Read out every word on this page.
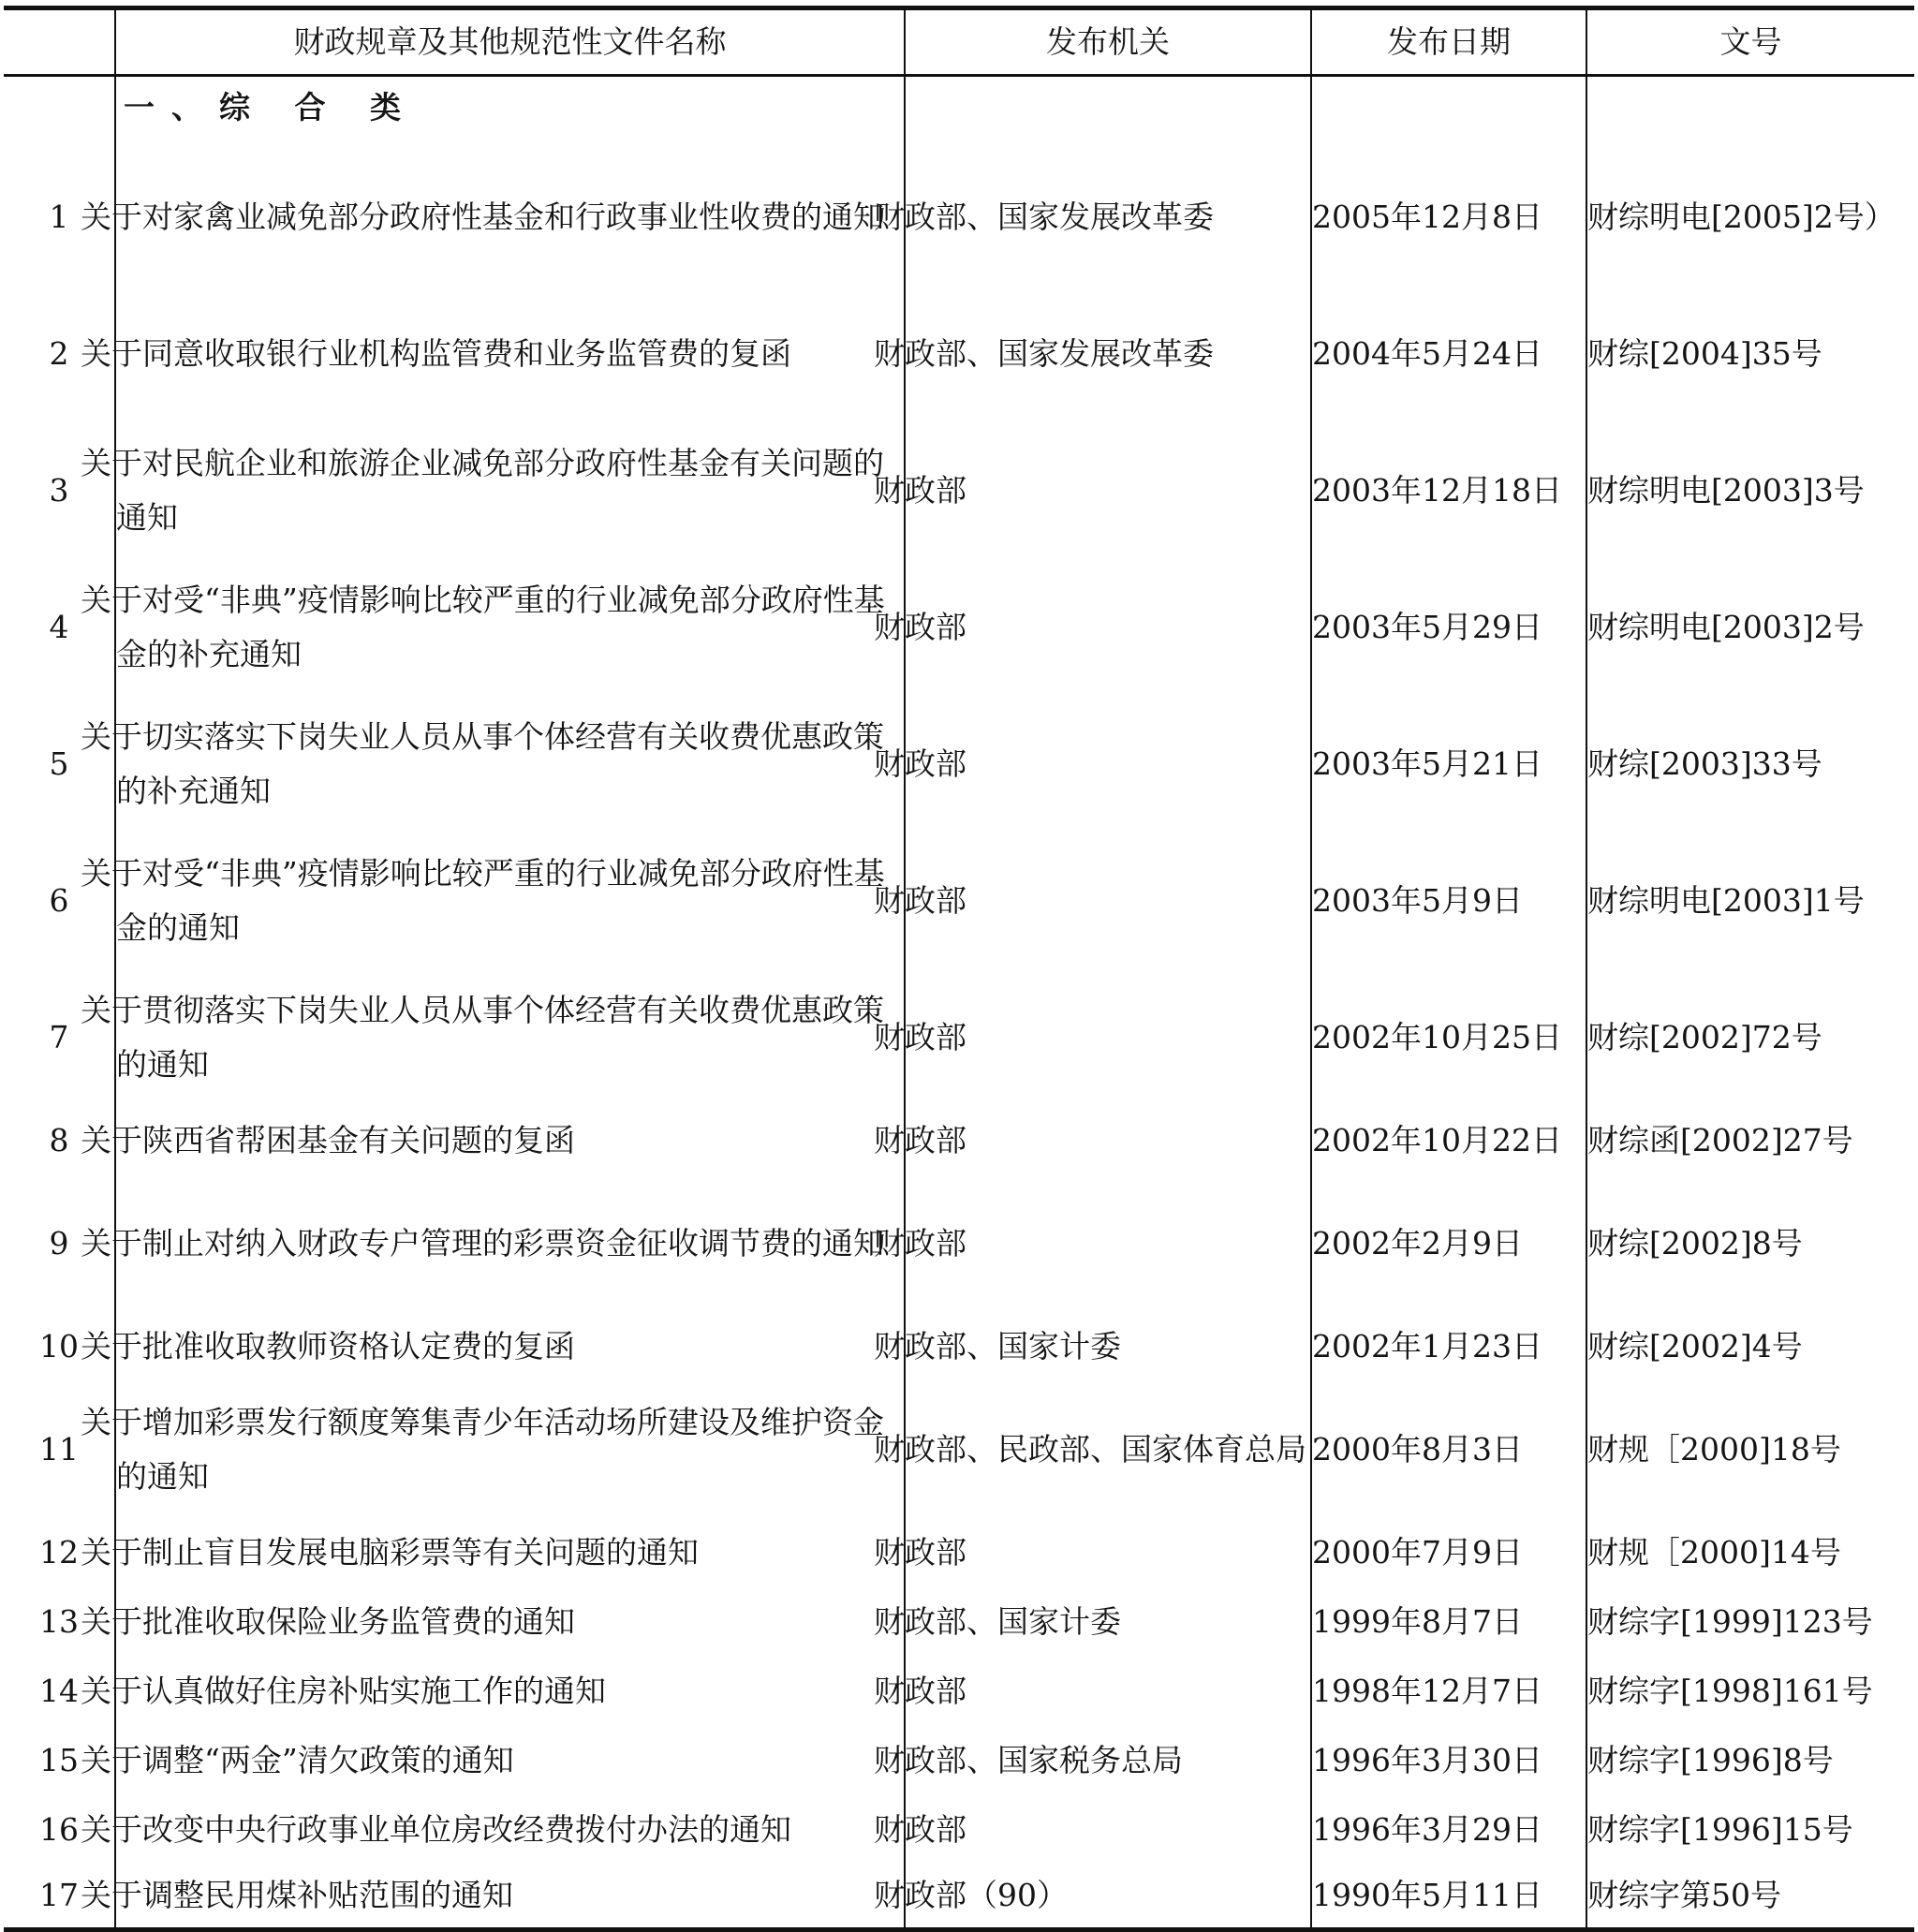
	财政规章及其他规范性文件名称	发布机关	发布日期	文号
	一、综 合 类			
1	关于对家禽业减免部分政府性基金和行政事业性收费的通知	财政部、国家发展改革委	2005年12月8日	财综明电[2005]2号）
2	关于同意收取银行业机构监管费和业务监管费的复函	财政部、国家发展改革委	2004年5月24日	财综[2004]35号
3	关于对民航企业和旅游企业减免部分政府性基金有关问题的通知	财政部	2003年12月18日	财综明电[2003]3号
4	关于对受“非典”疫情影响比较严重的行业减免部分政府性基金的补充通知	财政部	2003年5月29日	财综明电[2003]2号
5	关于切实落实下岗失业人员从事个体经营有关收费优惠政策的补充通知	财政部	2003年5月21日	财综[2003]33号
6	关于对受“非典”疫情影响比较严重的行业减免部分政府性基金的通知	财政部	2003年5月9日	财综明电[2003]1号
7	关于贯彻落实下岗失业人员从事个体经营有关收费优惠政策的通知	财政部	2002年10月25日	财综[2002]72号
8	关于陕西省帮困基金有关问题的复函	财政部	2002年10月22日	财综函[2002]27号
9	关于制止对纳入财政专户管理的彩票资金征收调节费的通知	财政部	2002年2月9日	财综[2002]8号
10	关于批准收取教师资格认定费的复函	财政部、国家计委	2002年1月23日	财综[2002]4号
11	关于增加彩票发行额度筹集青少年活动场所建设及维护资金的通知	财政部、民政部、国家体育总局	2000年8月3日	财规［2000]18号
12	关于制止盲目发展电脑彩票等有关问题的通知	财政部	2000年7月9日	财规［2000]14号
13	关于批准收取保险业务监管费的通知	财政部、国家计委	1999年8月7日	财综字[1999]123号
14	关于认真做好住房补贴实施工作的通知	财政部	1998年12月7日	财综字[1998]161号
15	关于调整“两金”清欠政策的通知	财政部、国家税务总局	1996年3月30日	财综字[1996]8号
16	关于改变中央行政事业单位房改经费拨付办法的通知	财政部	1996年3月29日	财综字[1996]15号
17	关于调整民用煤补贴范围的通知	财政部（90）	1990年5月11日	财综字第50号
